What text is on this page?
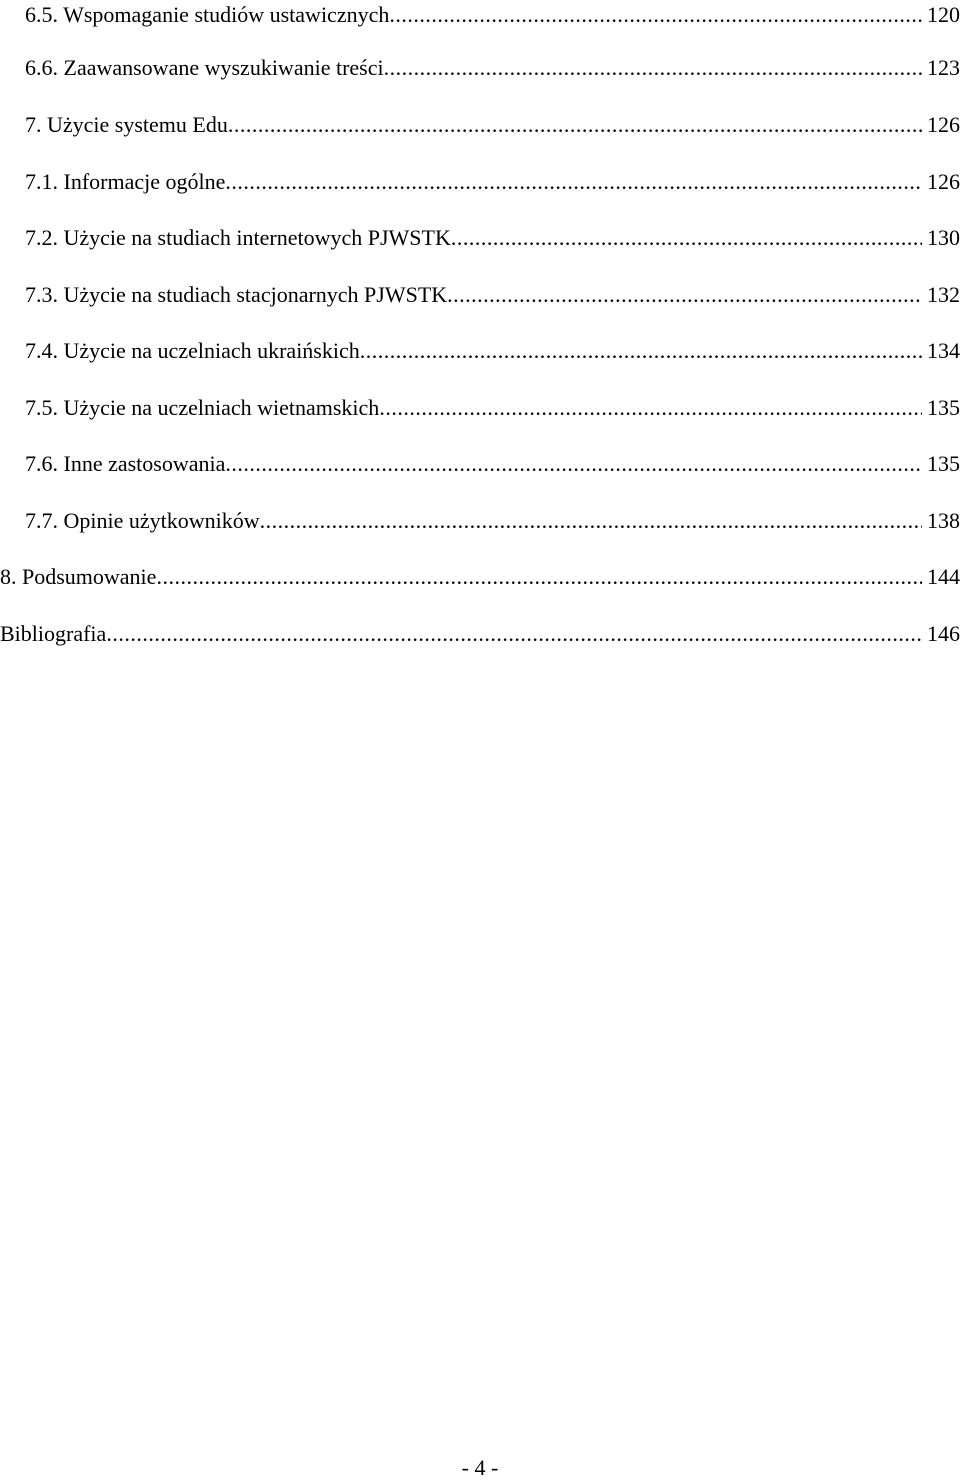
6.5. Wspomaganie studiów ustawicznych .....	120
6.6. Zaawansowane wyszukiwanie treści .....	123
7. Użycie systemu Edu .....	126
7.1. Informacje ogólne .....	126
7.2. Użycie na studiach internetowych PJWSTK .....	130
7.3. Użycie na studiach stacjonarnych PJWSTK .....	132
7.4. Użycie na uczelniach ukraińskich .....	134
7.5. Użycie na uczelniach wietnamskich .....	135
7.6. Inne zastosowania .....	135
7.7. Opinie użytkowników .....	138
8. Podsumowanie .....	144
Bibliografia .....	146
- 4 -
